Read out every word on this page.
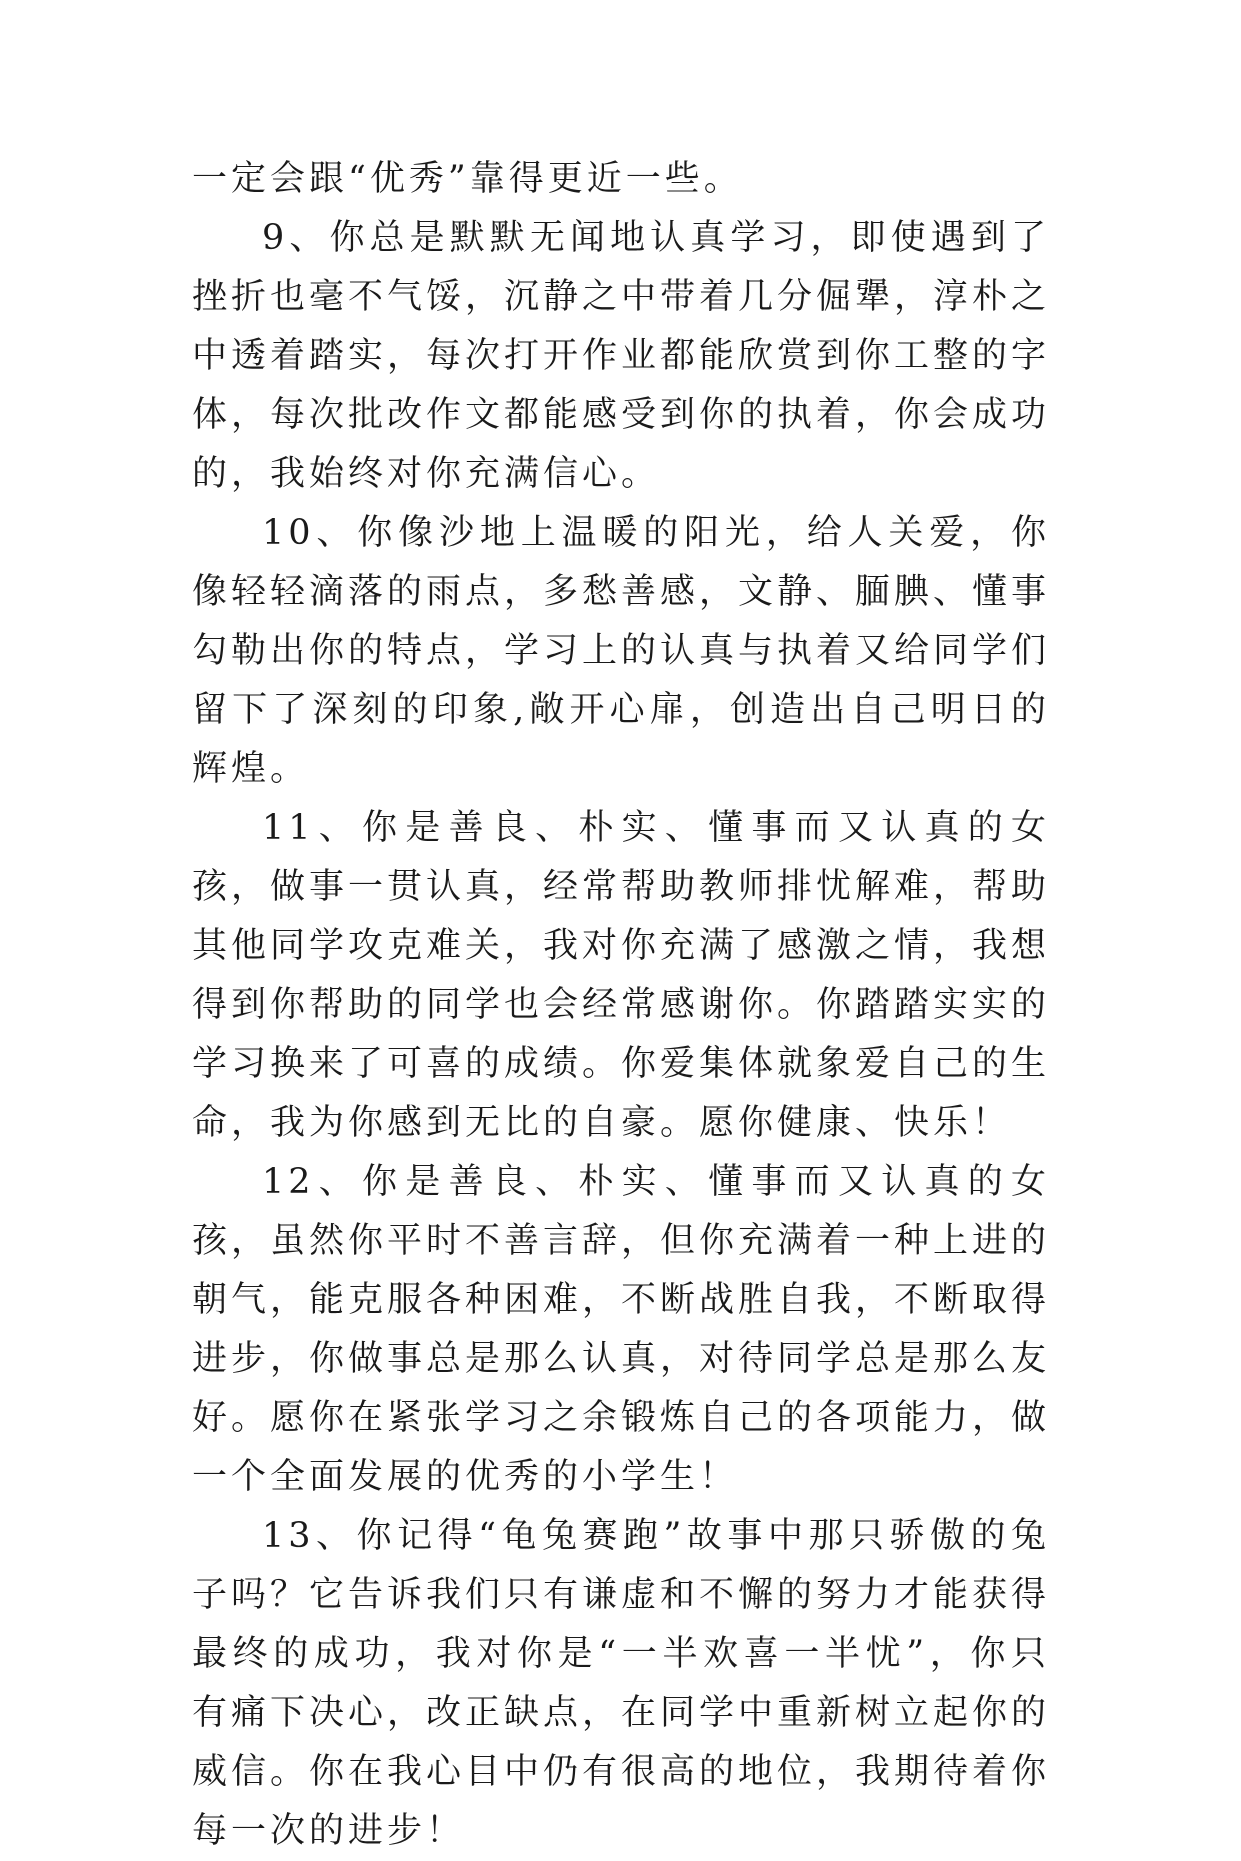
一定会跟“优秀”靠得更近一些。

9、你总是默默无闻地认真学习，即使遇到了挫折也毫不气馁，沉静之中带着几分倔犟，淳朴之中透着踏实，每次打开作业都能欣赏到你工整的字体，每次批改作文都能感受到你的执着，你会成功的，我始终对你充满信心。

10、你像沙地上温暖的阳光，给人关爱，你像轻轻滴落的雨点，多愁善感，文静、腼腆、懂事勾勒出你的特点，学习上的认真与执着又给同学们留下了深刻的印象,敞开心扉，创造出自己明日的辉煌。

11、你是善良、朴实、懂事而又认真的女孩，做事一贯认真，经常帮助教师排忧解难，帮助其他同学攻克难关，我对你充满了感激之情，我想得到你帮助的同学也会经常感谢你。你踏踏实实的学习换来了可喜的成绩。你爱集体就象爱自己的生命，我为你感到无比的自豪。愿你健康、快乐！

12、你是善良、朴实、懂事而又认真的女孩，虽然你平时不善言辞，但你充满着一种上进的朝气，能克服各种困难，不断战胜自我，不断取得进步，你做事总是那么认真，对待同学总是那么友好。愿你在紧张学习之余锻炼自己的各项能力，做一个全面发展的优秀的小学生！

13、你记得“龟兔赛跑”故事中那只骄傲的兔子吗？它告诉我们只有谦虚和不懈的努力才能获得最终的成功，我对你是“一半欢喜一半忧”，你只有痛下决心，改正缺点，在同学中重新树立起你的威信。你在我心目中仍有很高的地位，我期待着你每一次的进步！
